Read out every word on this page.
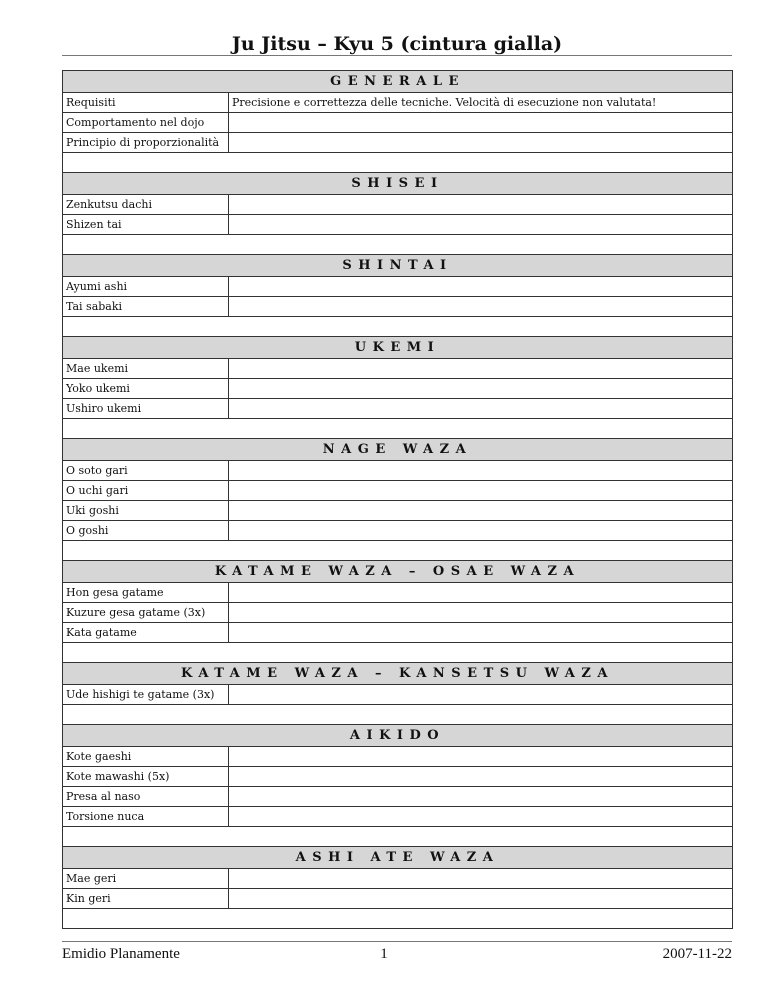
Ju Jitsu – Kyu 5 (cintura gialla)
GENERALE	
Requisiti	Precisione e correttezza delle tecniche. Velocità di esecuzione non valutata!
Comportamento nel dojo	
Principio di proporzionalità	

SHISEI	
Zenkutsu dachi	
Shizen tai	

SHINTAI	
Ayumi ashi	
Tai sabaki	

UKEMI	
Mae ukemi	
Yoko ukemi	
Ushiro ukemi	

NAGE WAZA	
O soto gari	
O uchi gari	
Uki goshi	
O goshi	

KATAME WAZA – OSAE WAZA	
Hon gesa gatame	
Kuzure gesa gatame (3x)	
Kata gatame	

KATAME WAZA – KANSETSU WAZA	
Ude hishigi te gatame (3x)	

AIKIDO	
Kote gaeshi	
Kote mawashi (5x)	
Presa al naso	
Torsione nuca	

ASHI ATE WAZA	
Mae geri	
Kin geri	

Emidio Planamente	1	2007-11-22
